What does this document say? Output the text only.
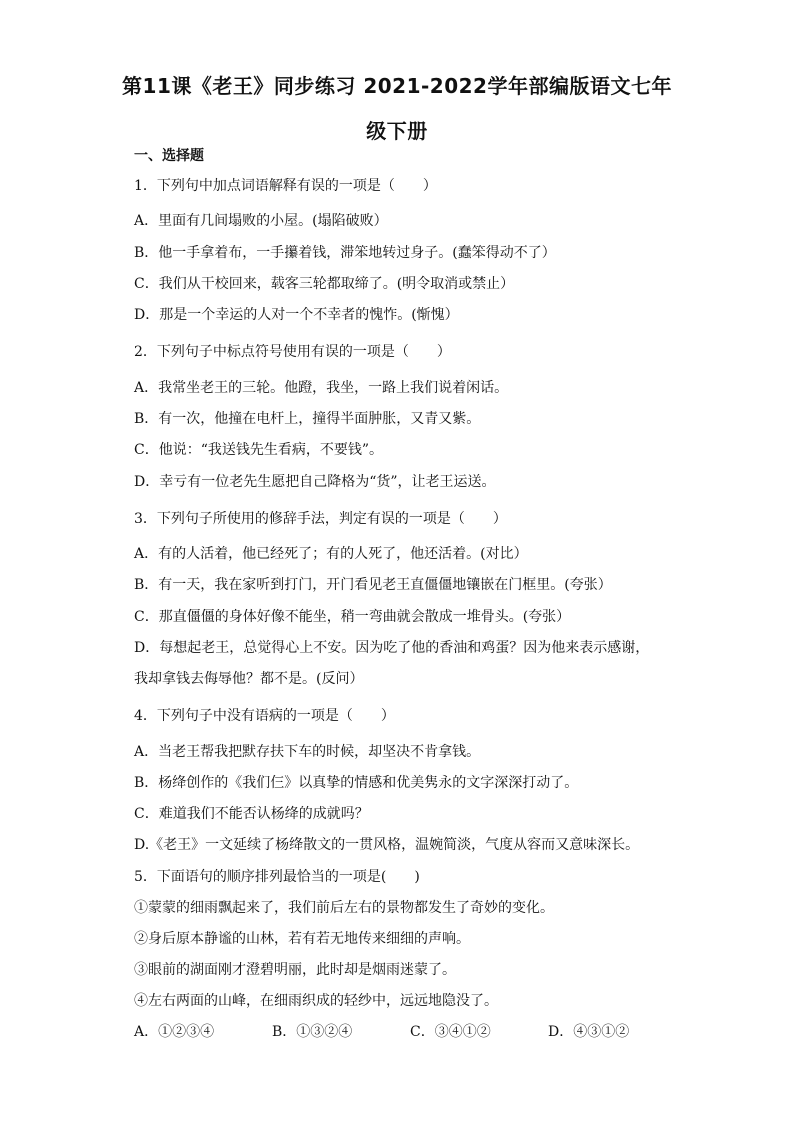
第11课《老王》同步练习 2021-2022学年部编版语文七年
级下册
一、选择题
1．下列句中加点词语解释有误的一项是（　　）
A．里面有几间塌败的小屋。(塌陷破败）
B．他一手拿着布，一手攥着钱，滞笨地转过身子。(蠢笨得动不了）
C．我们从干校回来，载客三轮都取缔了。(明令取消或禁止）
D．那是一个幸运的人对一个不幸者的愧怍。(惭愧）
2．下列句子中标点符号使用有误的一项是（　　）
A．我常坐老王的三轮。他蹬，我坐，一路上我们说着闲话。
B．有一次，他撞在电杆上，撞得半面肿胀，又青又紫。
C．他说：“我送钱先生看病，不要钱”。
D．幸亏有一位老先生愿把自己降格为“货”，让老王运送。
3．下列句子所使用的修辞手法，判定有误的一项是（　　）
A．有的人活着，他已经死了；有的人死了，他还活着。(对比）
B．有一天，我在家听到打门，开门看见老王直僵僵地镶嵌在门框里。(夸张）
C．那直僵僵的身体好像不能坐，稍一弯曲就会散成一堆骨头。(夸张）
D．每想起老王，总觉得心上不安。因为吃了他的香油和鸡蛋？因为他来表示感谢，
我却拿钱去侮辱他？都不是。(反问）
4．下列句子中没有语病的一项是（　　）
A．当老王帮我把默存扶下车的时候，却坚决不肯拿钱。
B．杨绛创作的《我们仨》以真挚的情感和优美隽永的文字深深打动了。
C．难道我们不能否认杨绛的成就吗？
D.《老王》一文延续了杨绛散文的一贯风格，温婉简淡，气度从容而又意味深长。
5．下面语句的顺序排列最恰当的一项是(　　)
①蒙蒙的细雨飘起来了，我们前后左右的景物都发生了奇妙的变化。
②身后原本静谧的山林，若有若无地传来细细的声响。
③眼前的湖面刚才澄碧明丽，此时却是烟雨迷蒙了。
④左右两面的山峰，在细雨织成的轻纱中，远远地隐没了。
A．①②③④	B．①③②④	C．③④①②	D．④③①②
